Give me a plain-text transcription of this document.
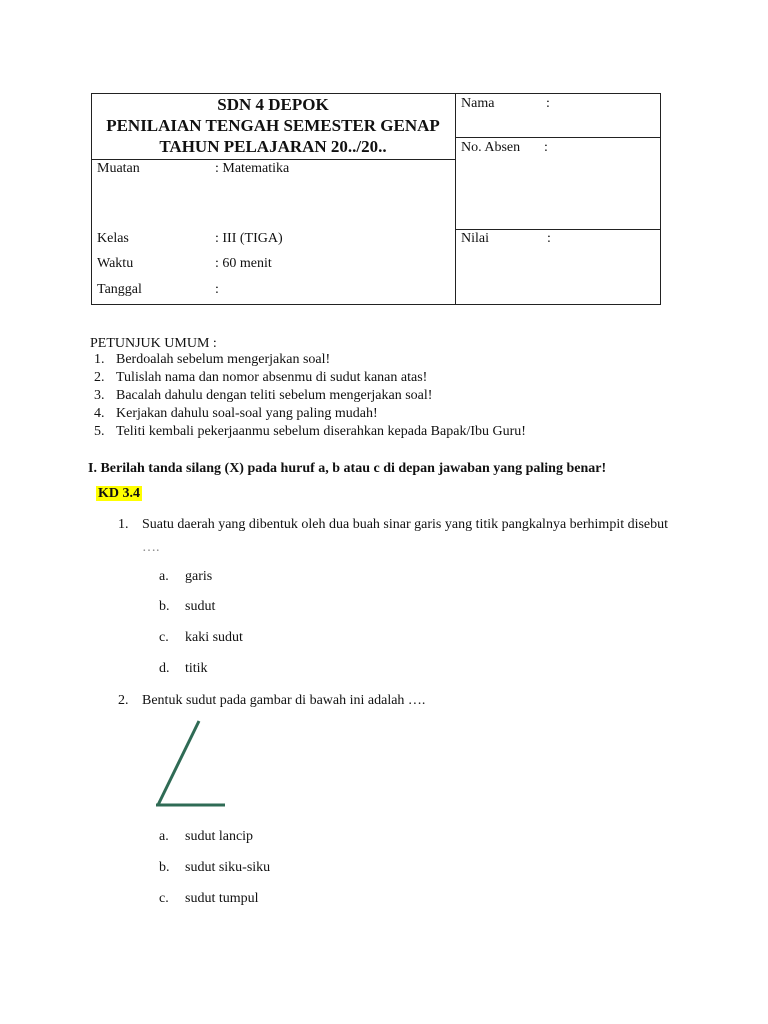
SDN 4 DEPOK
PENILAIAN TENGAH SEMESTER GENAP
TAHUN PELAJARAN 20../20..
Muatan	: Matematika
Kelas	: III (TIGA)
Waktu	: 60 menit
Tanggal	:
Nama	:
No. Absen :
Nilai	:
PETUNJUK UMUM :
1. Berdoalah sebelum mengerjakan soal!
2. Tulislah nama dan nomor absenmu di sudut kanan atas!
3. Bacalah dahulu dengan teliti sebelum mengerjakan soal!
4. Kerjakan dahulu soal-soal yang paling mudah!
5. Teliti kembali pekerjaanmu sebelum diserahkan kepada Bapak/Ibu Guru!
I. Berilah tanda silang (X) pada huruf a, b atau c di depan jawaban yang paling benar!
KD 3.4
1. Suatu daerah yang dibentuk oleh dua buah sinar garis yang titik pangkalnya berhimpit disebut
….
a. garis
b. sudut
c. kaki sudut
d. titik
2. Bentuk sudut pada gambar di bawah ini adalah ….
a. sudut lancip
b. sudut siku-siku
c. sudut tumpul
